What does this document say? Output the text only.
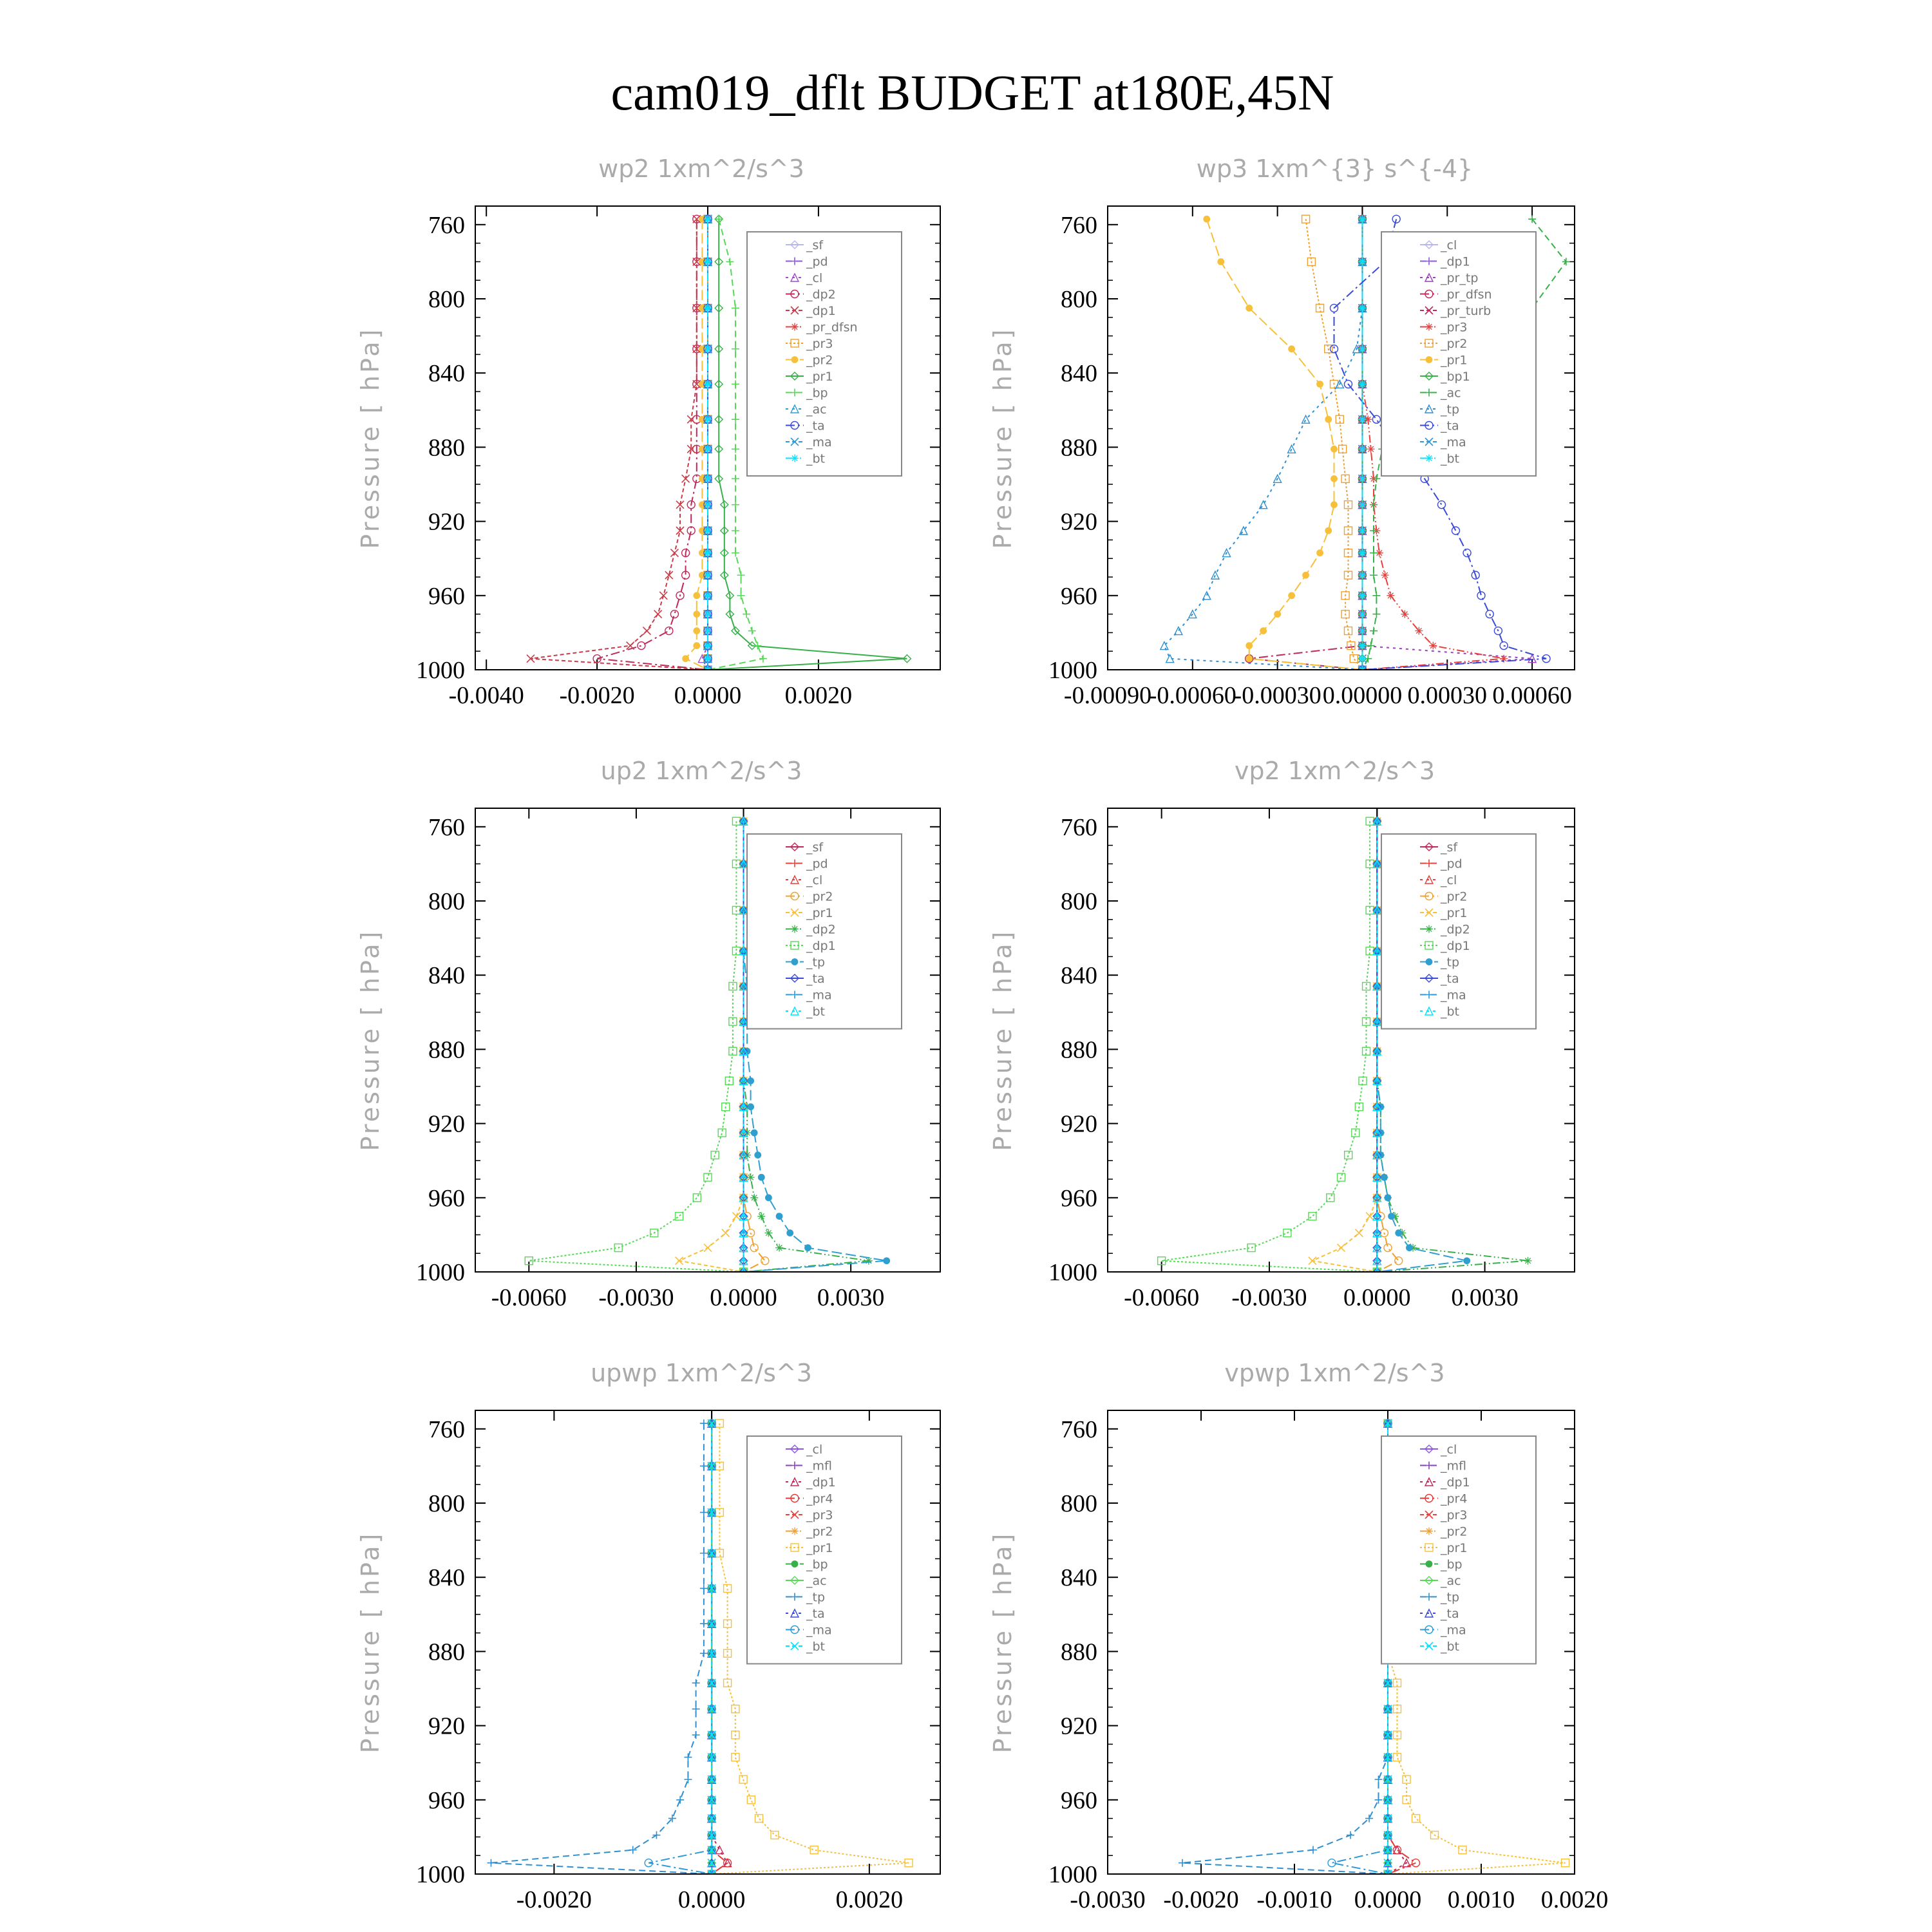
cam019_dflt BUDGET at180E,45N
wp2 1xm^2/s^3
Pressure [ hPa]
760
800
840
880
920
960
1000
-0.0040 -0.0020 0.0000 0.0020
_sf
_pd
_cl
_dp2
_dp1
_pr_dfsn
_pr3
_pr2
_pr1
_bp
_ac
_ta
_ma
_bt
wp3 1xm^{3} s^{-4}
Pressure [ hPa]
760
800
840
880
920
960
1000
-0.00090
-0.00060
-0.00030 0.00000 0.00030 0.00060
_cl
_dp1
_pr_tp
_pr_dfsn
_pr_turb
_pr3
_pr2
_pr1
_bp1
_ac
_tp
_ta
_ma
_bt
up2 1xm^2/s^3
Pressure [ hPa]
760
800
840
880
920
960
1000
-0.0060 -0.0030 0.0000 0.0030
_sf
_pd
_cl
_pr2
_pr1
_dp2
_dp1
_tp
_ta
_ma
_bt
vp2 1xm^2/s^3
Pressure [ hPa]
760
800
840
880
920
960
1000
-0.0060 -0.0030 0.0000 0.0030
_sf
_pd
_cl
_pr2
_pr1
_dp2
_dp1
_tp
_ta
_ma
_bt
upwp 1xm^2/s^3
Pressure [ hPa]
760
800
840
880
920
960
1000
-0.0020	0.0000	0.0020
_cl
_mfl
_dp1
_pr4
_pr3
_pr2
_pr1
_bp
_ac
_tp
_ta
_ma
_bt
vpwp 1xm^2/s^3
Pressure [ hPa]
760
800
840
880
920
960
1000
-0.0030 -0.0020 -0.0010 0.0000 0.0010 0.0020
_cl
_mfl
_dp1
_pr4
_pr3
_pr2
_pr1
_bp
_ac
_tp
_ta
_ma
_bt
